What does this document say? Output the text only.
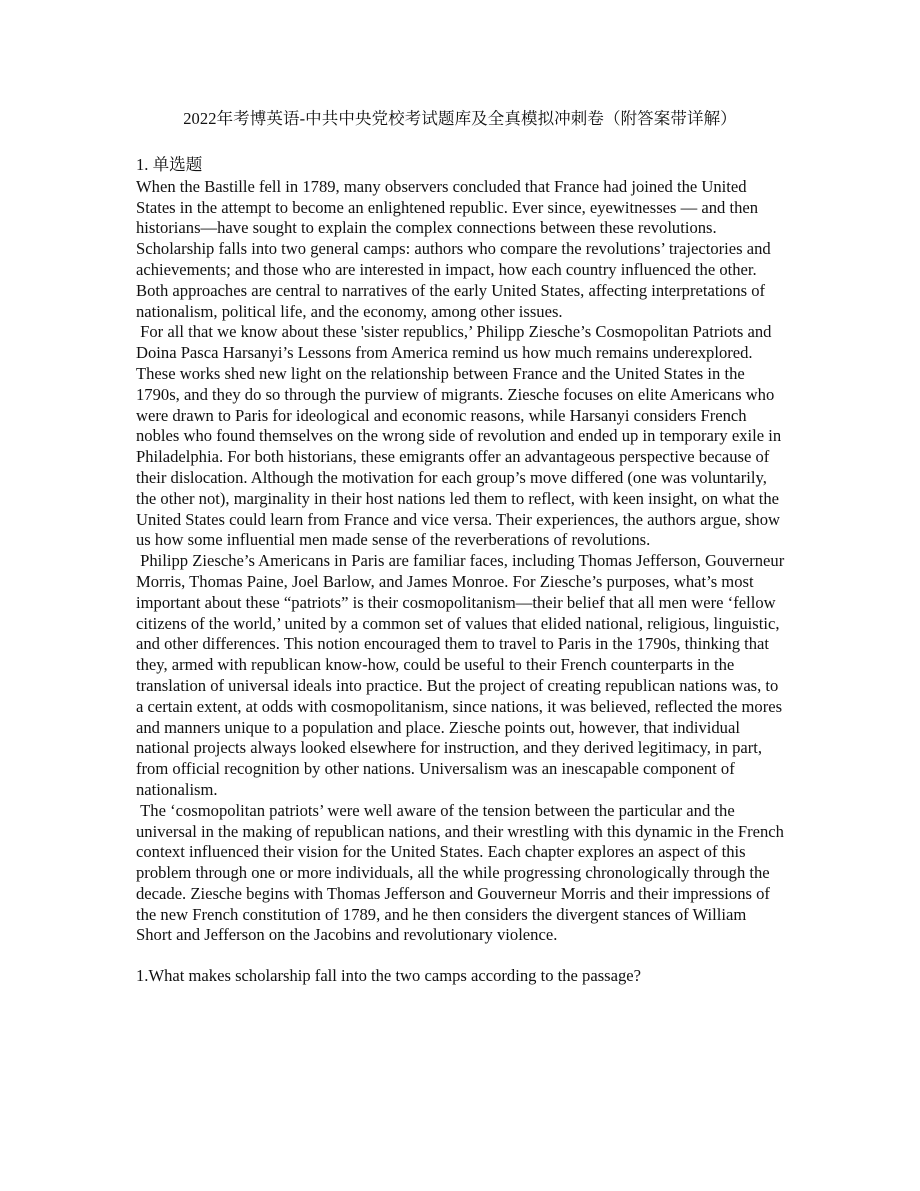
2022年考博英语-中共中央党校考试题库及全真模拟冲刺卷（附答案带详解）
1. 单选题

When the Bastille fell in 1789, many observers concluded that France had joined the United States in the attempt to become an enlightened republic. Ever since, eyewitnesses ― and then historians—have sought to explain the complex connections between these revolutions. Scholarship falls into two general camps: authors who compare the revolutions’ trajectories and achievements; and those who are interested in impact, how each country influenced the other. Both approaches are central to narratives of the early United States, affecting interpretations of nationalism, political life, and the economy, among other issues.

For all that we know about these 'sister republics,’ Philipp Ziesche’s Cosmopolitan Patriots and Doina Pasca Harsanyi’s Lessons from America remind us how much remains underexplored. These works shed new light on the relationship between France and the United States in the 1790s, and they do so through the purview of migrants. Ziesche focuses on elite Americans who were drawn to Paris for ideological and economic reasons, while Harsanyi considers French nobles who found themselves on the wrong side of revolution and ended up in temporary exile in Philadelphia. For both historians, these emigrants offer an advantageous perspective because of their dislocation. Although the motivation for each group’s move differed (one was voluntarily, the other not), marginality in their host nations led them to reflect, with keen insight, on what the United States could learn from France and vice versa. Their experiences, the authors argue, show us how some influential men made sense of the reverberations of revolutions.

Philipp Ziesche’s Americans in Paris are familiar faces, including Thomas Jefferson, Gouverneur Morris, Thomas Paine, Joel Barlow, and James Monroe. For Ziesche’s purposes, what’s most important about these “patriots” is their cosmopolitanism—their belief that all men were ‘fellow citizens of the world,’ united by a common set of values that elided national, religious, linguistic, and other differences. This notion encouraged them to travel to Paris in the 1790s, thinking that they, armed with republican know-how, could be useful to their French counterparts in the translation of universal ideals into practice. But the project of creating republican nations was, to a certain extent, at odds with cosmopolitanism, since nations, it was believed, reflected the mores and manners unique to a population and place. Ziesche points out, however, that individual national projects always looked elsewhere for instruction, and they derived legitimacy, in part, from official recognition by other nations. Universalism was an inescapable component of nationalism.

The ‘cosmopolitan patriots’ were well aware of the tension between the particular and the universal in the making of republican nations, and their wrestling with this dynamic in the French context influenced their vision for the United States. Each chapter explores an aspect of this problem through one or more individuals, all the while progressing chronologically through the decade. Ziesche begins with Thomas Jefferson and Gouverneur Morris and their impressions of the new French constitution of 1789, and he then considers the divergent stances of William Short and Jefferson on the Jacobins and revolutionary violence.

1.What makes scholarship fall into the two camps according to the passage?
